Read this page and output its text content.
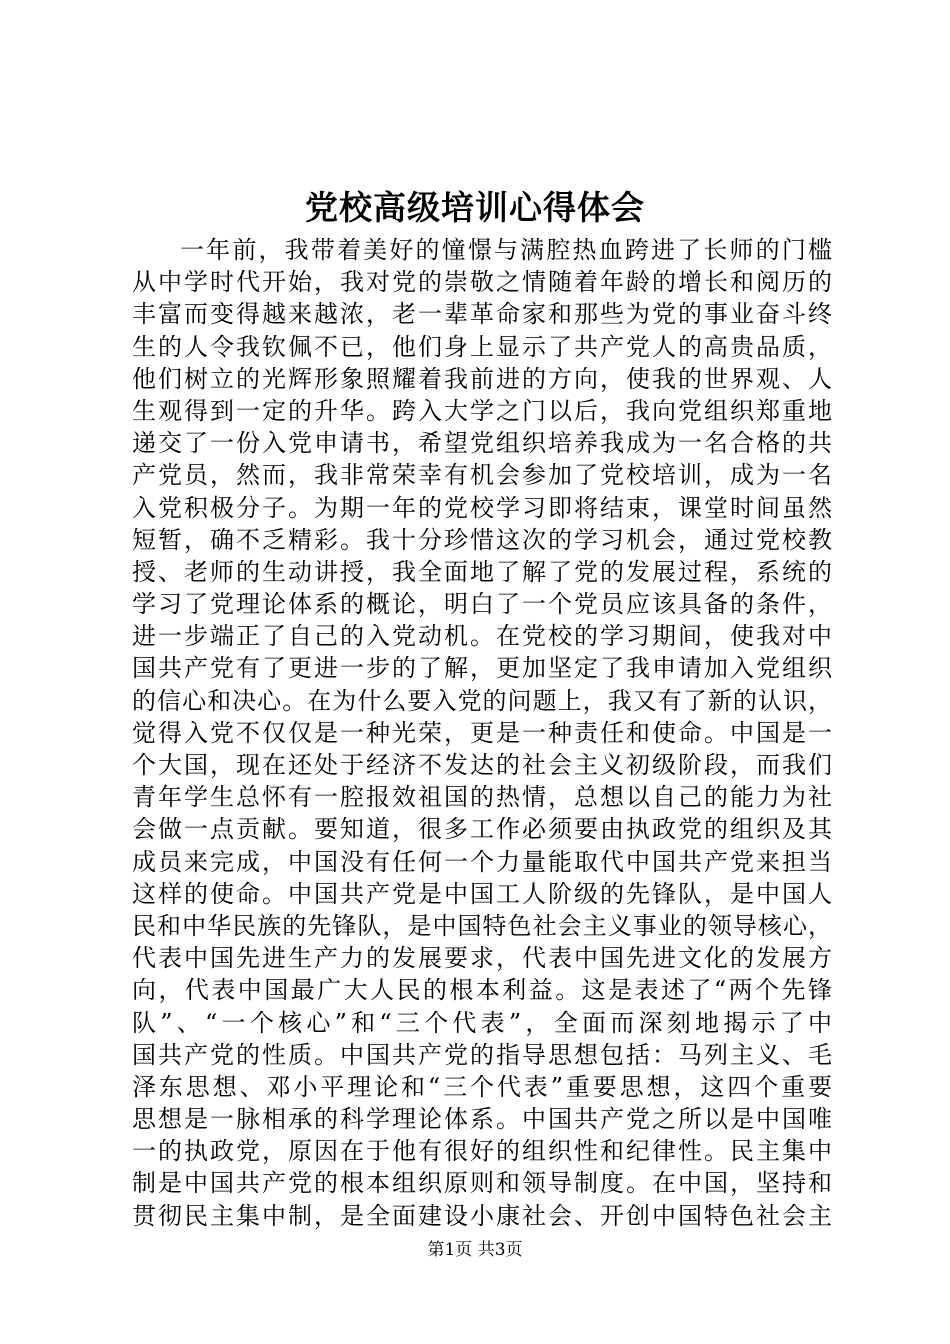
党校高级培训心得体会
一年前，我带着美好的憧憬与满腔热血跨进了长师的门槛
从中学时代开始，我对党的崇敬之情随着年龄的增长和阅历的
丰富而变得越来越浓，老一辈革命家和那些为党的事业奋斗终
生的人令我钦佩不已，他们身上显示了共产党人的高贵品质，
他们树立的光辉形象照耀着我前进的方向，使我的世界观、人
生观得到一定的升华。跨入大学之门以后，我向党组织郑重地
递交了一份入党申请书，希望党组织培养我成为一名合格的共
产党员，然而，我非常荣幸有机会参加了党校培训，成为一名
入党积极分子。为期一年的党校学习即将结束，课堂时间虽然
短暂，确不乏精彩。我十分珍惜这次的学习机会，通过党校教
授、老师的生动讲授，我全面地了解了党的发展过程，系统的
学习了党理论体系的概论，明白了一个党员应该具备的条件，
进一步端正了自己的入党动机。在党校的学习期间，使我对中
国共产党有了更进一步的了解，更加坚定了我申请加入党组织
的信心和决心。在为什么要入党的问题上，我又有了新的认识，
觉得入党不仅仅是一种光荣，更是一种责任和使命。中国是一
个大国，现在还处于经济不发达的社会主义初级阶段，而我们
青年学生总怀有一腔报效祖国的热情，总想以自己的能力为社
会做一点贡献。要知道，很多工作必须要由执政党的组织及其
成员来完成，中国没有任何一个力量能取代中国共产党来担当
这样的使命。中国共产党是中国工人阶级的先锋队，是中国人
民和中华民族的先锋队，是中国特色社会主义事业的领导核心，
代表中国先进生产力的发展要求，代表中国先进文化的发展方
向，代表中国最广大人民的根本利益。这是表述了“两个先锋
队”、“一个核心”和“三个代表”，全面而深刻地揭示了中
国共产党的性质。中国共产党的指导思想包括：马列主义、毛
泽东思想、邓小平理论和“三个代表”重要思想，这四个重要
思想是一脉相承的科学理论体系。中国共产党之所以是中国唯
一的执政党，原因在于他有很好的组织性和纪律性。民主集中
制是中国共产党的根本组织原则和领导制度。在中国，坚持和
贯彻民主集中制，是全面建设小康社会、开创中国特色社会主
第1页 共3页
